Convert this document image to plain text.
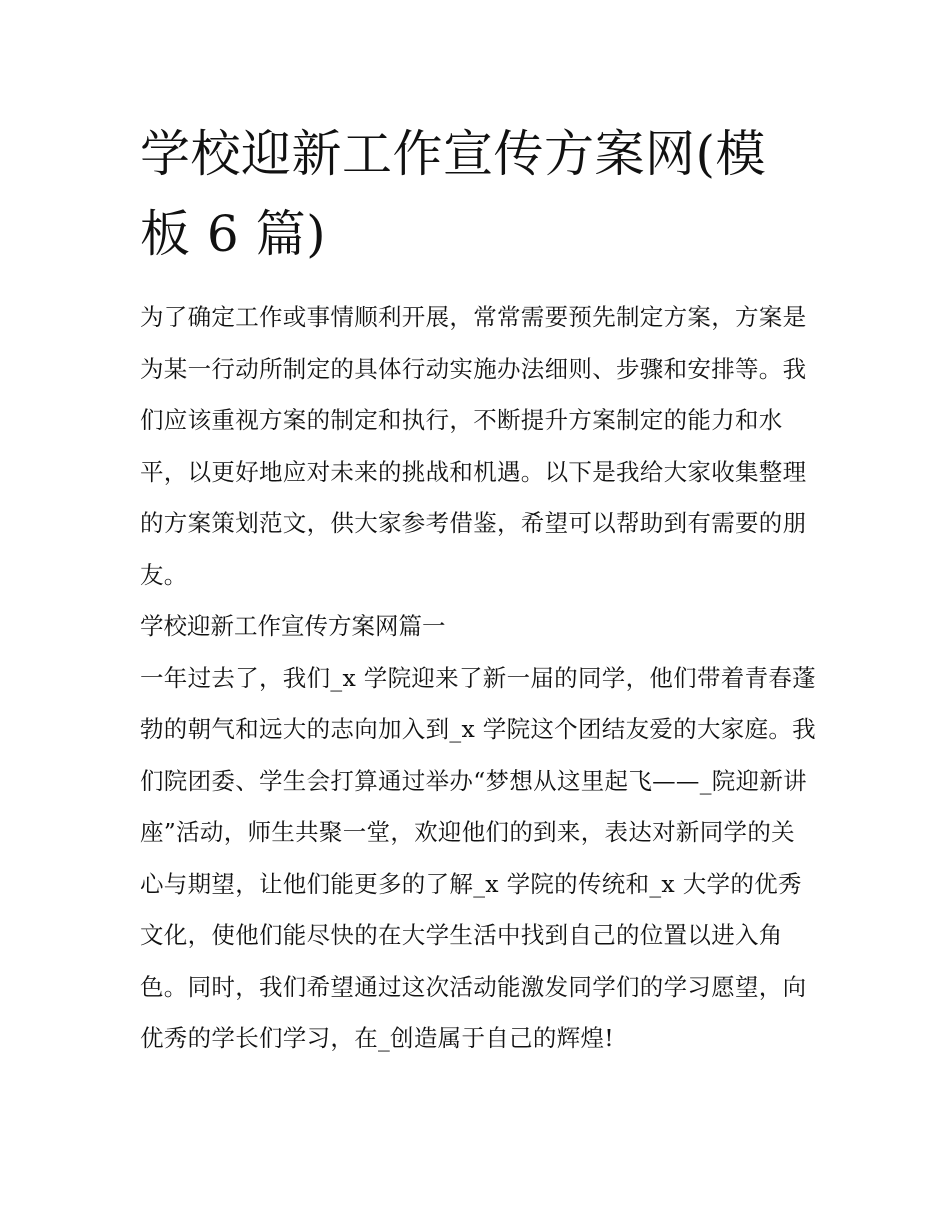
学校迎新工作宣传方案网(模板 6 篇)

为了确定工作或事情顺利开展，常常需要预先制定方案，方案是为某一行动所制定的具体行动实施办法细则、步骤和安排等。我们应该重视方案的制定和执行，不断提升方案制定的能力和水平，以更好地应对未来的挑战和机遇。以下是我给大家收集整理的方案策划范文，供大家参考借鉴，希望可以帮助到有需要的朋友。

学校迎新工作宣传方案网篇一

一年过去了，我们_x 学院迎来了新一届的同学，他们带着青春蓬勃的朝气和远大的志向加入到_x 学院这个团结友爱的大家庭。我们院团委、学生会打算通过举办“梦想从这里起飞——_院迎新讲座”活动，师生共聚一堂，欢迎他们的到来，表达对新同学的关心与期望，让他们能更多的了解_x 学院的传统和_x 大学的优秀文化，使他们能尽快的在大学生活中找到自己的位置以进入角色。同时，我们希望通过这次活动能激发同学们的学习愿望，向优秀的学长们学习，在_创造属于自己的辉煌!
